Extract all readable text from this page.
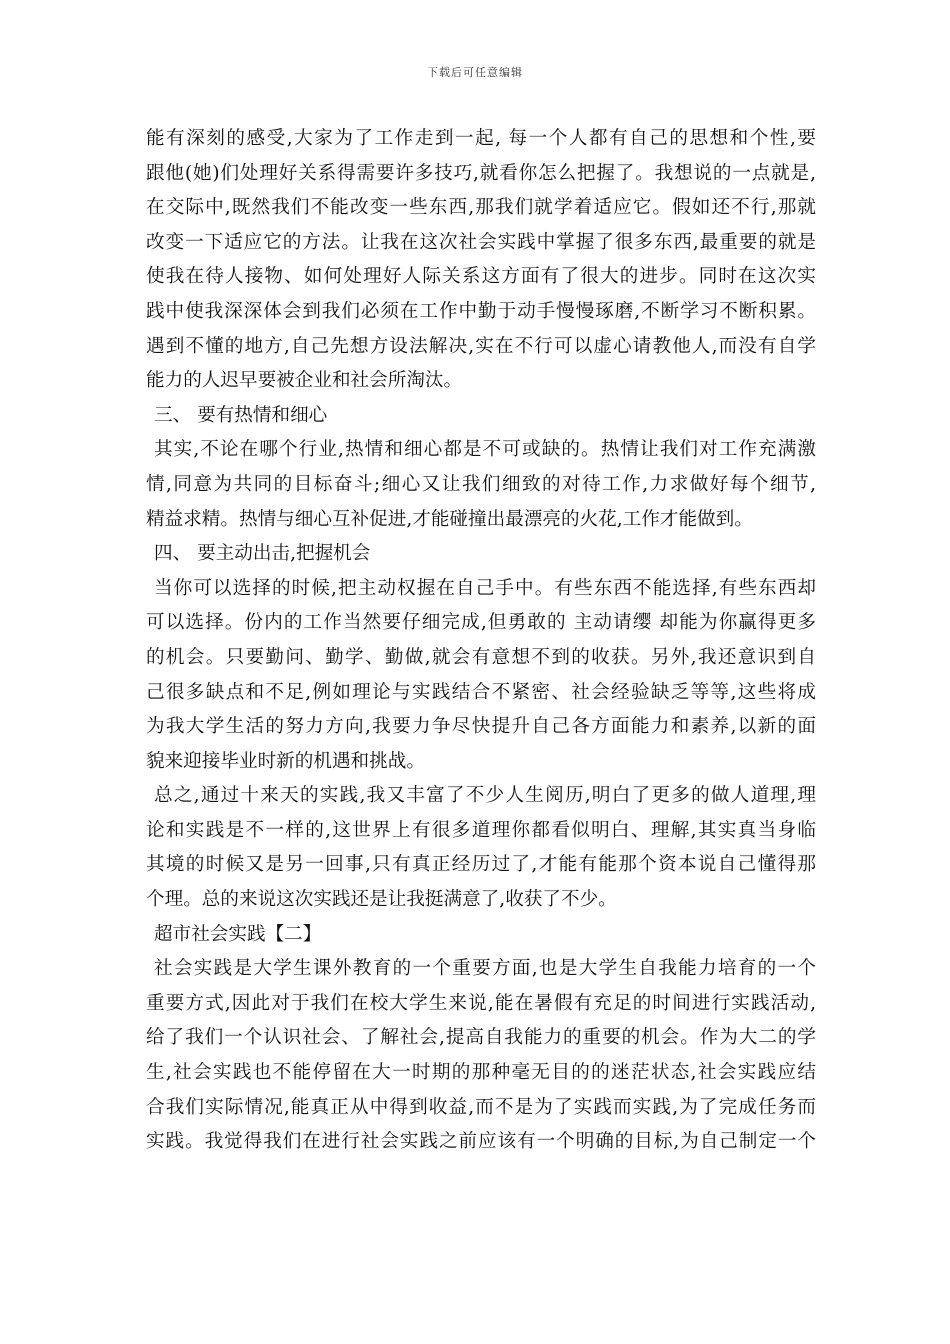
下载后可任意编辑
能有深刻的感受,大家为了工作走到一起, 每一个人都有自己的思想和个性,要
跟他(她)们处理好关系得需要许多技巧,就看你怎么把握了。我想说的一点就是,
在交际中,既然我们不能改变一些东西,那我们就学着适应它。假如还不行,那就
改变一下适应它的方法。让我在这次社会实践中掌握了很多东西,最重要的就是
使我在待人接物、如何处理好人际关系这方面有了很大的进步。同时在这次实
践中使我深深体会到我们必须在工作中勤于动手慢慢琢磨,不断学习不断积累。
遇到不懂的地方,自己先想方设法解决,实在不行可以虚心请教他人,而没有自学
能力的人迟早要被企业和社会所淘汰。
三、 要有热情和细心
其实,不论在哪个行业,热情和细心都是不可或缺的。热情让我们对工作充满激
情,同意为共同的目标奋斗;细心又让我们细致的对待工作,力求做好每个细节,
精益求精。热情与细心互补促进,才能碰撞出最漂亮的火花,工作才能做到。
四、 要主动出击,把握机会
当你可以选择的时候,把主动权握在自己手中。有些东西不能选择,有些东西却
可以选择。份内的工作当然要仔细完成,但勇敢的 主动请缨 却能为你赢得更多
的机会。只要勤问、勤学、勤做,就会有意想不到的收获。另外,我还意识到自
己很多缺点和不足,例如理论与实践结合不紧密、社会经验缺乏等等,这些将成
为我大学生活的努力方向,我要力争尽快提升自己各方面能力和素养,以新的面
貌来迎接毕业时新的机遇和挑战。
总之,通过十来天的实践,我又丰富了不少人生阅历,明白了更多的做人道理,理
论和实践是不一样的,这世界上有很多道理你都看似明白、理解,其实真当身临
其境的时候又是另一回事,只有真正经历过了,才能有能那个资本说自己懂得那
个理。总的来说这次实践还是让我挺满意了,收获了不少。
超市社会实践【二】
社会实践是大学生课外教育的一个重要方面,也是大学生自我能力培育的一个
重要方式,因此对于我们在校大学生来说,能在暑假有充足的时间进行实践活动,
给了我们一个认识社会、了解社会,提高自我能力的重要的机会。作为大二的学
生,社会实践也不能停留在大一时期的那种毫无目的的迷茫状态,社会实践应结
合我们实际情况,能真正从中得到收益,而不是为了实践而实践,为了完成任务而
实践。我觉得我们在进行社会实践之前应该有一个明确的目标,为自己制定一个
